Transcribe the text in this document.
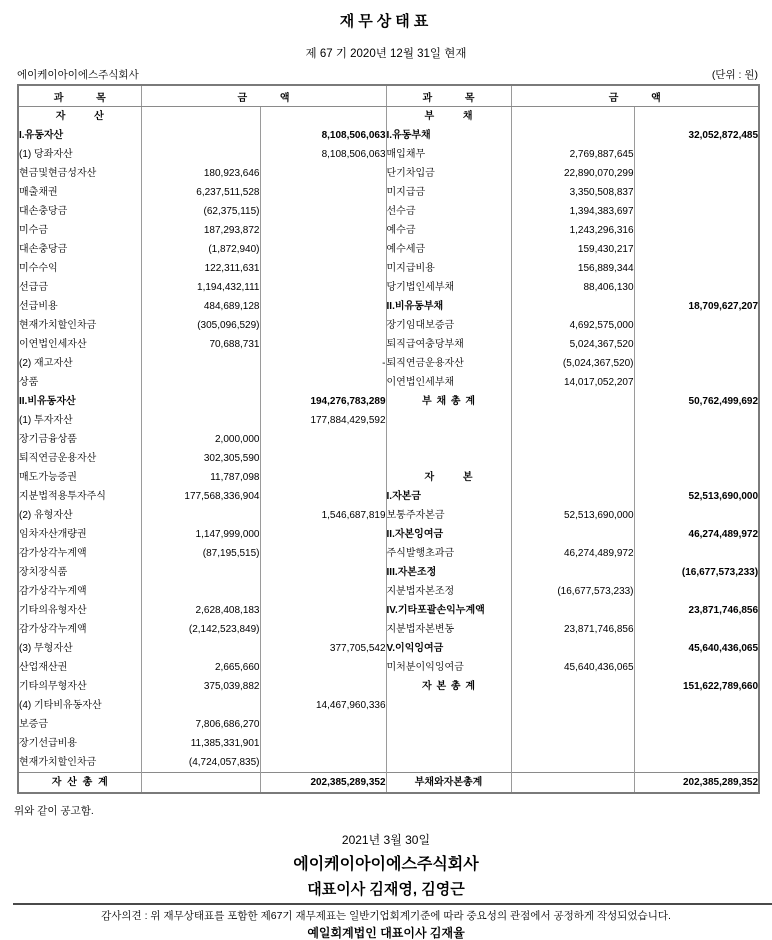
재무상태표
제 67 기 2020년 12월 31일 현재
에이케이아이에스주식회사	(단위 : 원)
과 목	금 액		과 목	금 액	
자 산			부 채		
I.유동자산		8,108,506,063	I.유동부채		32,052,872,485
(1) 당좌자산		8,108,506,063	매입채무	2,769,887,645	
현금및현금성자산	180,923,646		단기차입금	22,890,070,299	
매출채권	6,237,511,528		미지급금	3,350,508,837	
대손충당금	(62,375,115)		선수금	1,394,383,697	
미수금	187,293,872		예수금	1,243,296,316	
대손충당금	(1,872,940)		예수세금	159,430,217	
미수수익	122,311,631		미지급비용	156,889,344	
선급금	1,194,432,111		당기법인세부채	88,406,130	
선급비용	484,689,128		II.비유동부채		18,709,627,207
현재가치할인차금	(305,096,529)		장기임대보증금	4,692,575,000	
이연법인세자산	70,688,731		퇴직급여충당부채	5,024,367,520	
(2) 재고자산		-	퇴직연금운용자산	(5,024,367,520)	
상품			이연법인세부채	14,017,052,207	
II.비유동자산		194,276,783,289	부 채 총 계		50,762,499,692
(1) 투자자산		177,884,429,592			
장기금융상품	2,000,000				
퇴직연금운용자산	302,305,590				
매도가능증권	11,787,098		자 본		
지분법적용투자주식	177,568,336,904		I.자본금		52,513,690,000
(2) 유형자산		1,546,687,819	보통주자본금	52,513,690,000	
임차자산개량권	1,147,999,000		II.자본잉여금		46,274,489,972
감가상각누계액	(87,195,515)		주식발행초과금	46,274,489,972	
장치장식품			III.자본조정		(16,677,573,233)
감가상각누계액			지분법자본조정	(16,677,573,233)	
기타의유형자산	2,628,408,183		IV.기타포괄손익누계액		23,871,746,856
감가상각누계액	(2,142,523,849)		지분법자본변동	23,871,746,856	
(3) 무형자산		377,705,542	V.이익잉여금		45,640,436,065
산업재산권	2,665,660		미처분이익잉여금	45,640,436,065	
기타의무형자산	375,039,882		자 본 총 계		151,622,789,660
(4) 기타비유동자산		14,467,960,336			
보증금	7,806,686,270				
장기선급비용	11,385,331,901				
현재가치할인차금	(4,724,057,835)				
자 산 총 계		202,385,289,352	부채와자본총계		202,385,289,352
위와 같이 공고함.
2021년 3월 30일
에이케이아이에스주식회사
대표이사 김재영, 김영근
감사의견 : 위 재무상태표를 포함한 제67기 재무제표는 일반기업회계기준에 따라 중요성의 관점에서 공정하게 작성되었습니다.
예일회계법인 대표이사 김재율
